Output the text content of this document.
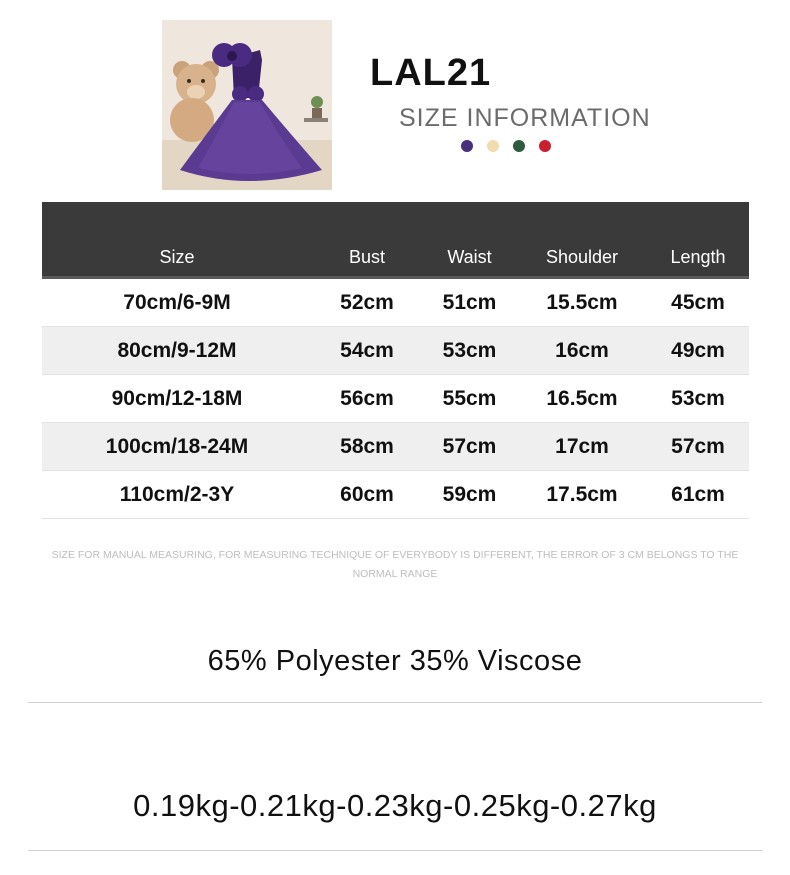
LAL21
SIZE INFORMATION
Size	Bust	Waist	Shoulder	Length
70cm/6-9M	52cm	51cm	15.5cm	45cm
80cm/9-12M	54cm	53cm	16cm	49cm
90cm/12-18M	56cm	55cm	16.5cm	53cm
100cm/18-24M	58cm	57cm	17cm	57cm
110cm/2-3Y	60cm	59cm	17.5cm	61cm
SIZE FOR MANUAL MEASURING, FOR MEASURING TECHNIQUE OF EVERYBODY IS DIFFERENT, THE ERROR OF 3 CM BELONGS TO THE NORMAL RANGE
65% Polyester 35% Viscose
0.19kg-0.21kg-0.23kg-0.25kg-0.27kg
